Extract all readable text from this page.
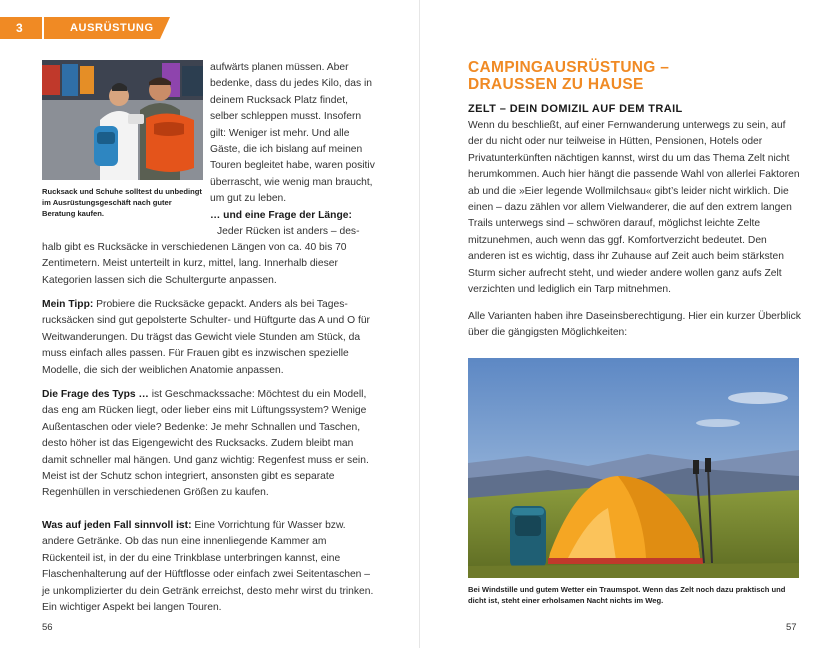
3	AUSRÜSTUNG
Rucksack und Schuhe solltest du unbedingt im Ausrüstungsgeschäft nach guter Beratung kaufen.
aufwärts planen müssen. Aber bedenke, dass du jedes Kilo, das in deinem Rucksack Platz findet, selber schleppen musst. Insofern gilt: Weniger ist mehr. Und alle Gäste, die ich bislang auf meinen Touren begleitet habe, waren positiv überrascht, wie wenig man braucht, um gut zu leben.

… und eine Frage der Länge:

Jeder Rücken ist anders – des-

halb gibt es Rucksäcke in verschiedenen Längen von ca. 40 bis 70 Zentimetern. Meist unterteilt in kurz, mittel, lang. Innerhalb dieser Kategorien lassen sich die Schultergurte anpassen.
Mein Tipp: Probiere die Rucksäcke gepackt. Anders als bei Tagesrucksäcken sind gut gepolsterte Schulter- und Hüftgurte das A und O für Weitwanderungen. Du trägst das Gewicht viele Stunden am Stück, da muss einfach alles passen. Für Frauen gibt es inzwischen spezielle Modelle, die sich der weiblichen Anatomie anpassen.
Die Frage des Typs … ist Geschmackssache: Möchtest du ein Modell, das eng am Rücken liegt, oder lieber eins mit Lüftungssystem? Wenige Außentaschen oder viele? Bedenke: Je mehr Schnallen und Taschen, desto höher ist das Eigengewicht des Rucksacks. Zudem bleibt man damit schneller mal hängen. Und ganz wichtig: Regenfest muss er sein. Meist ist der Schutz schon integriert, ansonsten gibt es separate Regenhüllen in verschiedenen Größen zu kaufen.
Was auf jeden Fall sinnvoll ist: Eine Vorrichtung für Wasser bzw. andere Getränke. Ob das nun eine innenliegende Kammer am Rückenteil ist, in der du eine Trinkblase unterbringen kannst, eine Flaschenhalterung auf der Hüftflosse oder einfach zwei Seitentaschen – je unkomplizierter du dein Getränk erreichst, desto mehr wirst du trinken. Ein wichtiger Aspekt bei langen Touren.
56
CAMPINGAUSRÜSTUNG –
DRAUSSEN ZU HAUSE
ZELT – DEIN DOMIZIL AUF DEM TRAIL
Wenn du beschließt, auf einer Fernwanderung unterwegs zu sein, auf der du nicht oder nur teilweise in Hütten, Pensionen, Hotels oder Privatunterkünften nächtigen kannst, wirst du um das Thema Zelt nicht herumkommen. Auch hier hängt die passende Wahl von allerlei Faktoren ab und die »Eier legende Wollmilchsau« gibt’s leider nicht wirklich. Die einen – dazu zählen vor allem Vielwanderer, die auf den extrem langen Trails unterwegs sind – schwören darauf, möglichst leichte Zelte mitzunehmen, auch wenn das ggf. Komfortverzicht bedeutet. Den anderen ist es wichtig, dass ihr Zuhause auf Zeit auch beim stärksten Sturm sicher aufrecht steht, und wieder andere wollen ganz aufs Zelt verzichten und lediglich ein Tarp mitnehmen.
Alle Varianten haben ihre Daseinsberechtigung. Hier ein kurzer Überblick über die gängigsten Möglichkeiten:
Bei Windstille und gutem Wetter ein Traumspot. Wenn das Zelt noch dazu praktisch und dicht ist, steht einer erholsamen Nacht nichts im Weg.
57
